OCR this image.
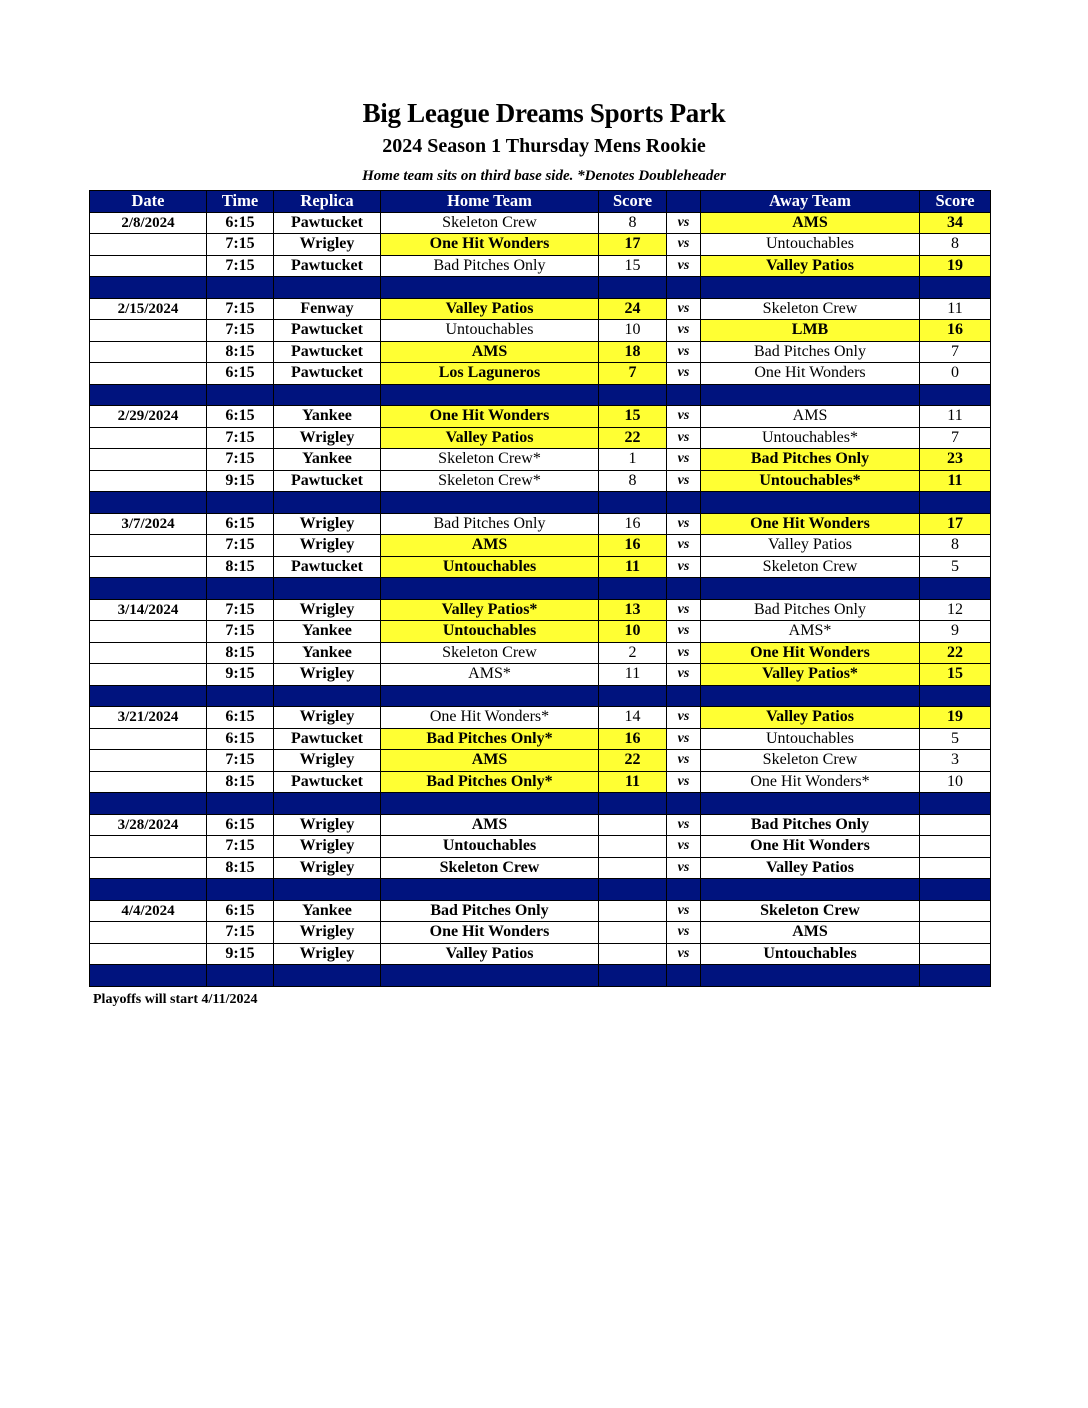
Big League Dreams Sports Park
2024 Season 1 Thursday Mens Rookie
Home team sits on third base side. *Denotes Doubleheader
Date	Time	Replica	Home Team	Score		Away Team	Score
2/8/2024	6:15	Pawtucket	Skeleton Crew	8	vs	AMS	34
	7:15	Wrigley	One Hit Wonders	17	vs	Untouchables	8
	7:15	Pawtucket	Bad Pitches Only	15	vs	Valley Patios	19

2/15/2024	7:15	Fenway	Valley Patios	24	vs	Skeleton Crew	11
	7:15	Pawtucket	Untouchables	10	vs	LMB	16
	8:15	Pawtucket	AMS	18	vs	Bad Pitches Only	7
	6:15	Pawtucket	Los Laguneros	7	vs	One Hit Wonders	0

2/29/2024	6:15	Yankee	One Hit Wonders	15	vs	AMS	11
	7:15	Wrigley	Valley Patios	22	vs	Untouchables*	7
	7:15	Yankee	Skeleton Crew*	1	vs	Bad Pitches Only	23
	9:15	Pawtucket	Skeleton Crew*	8	vs	Untouchables*	11

3/7/2024	6:15	Wrigley	Bad Pitches Only	16	vs	One Hit Wonders	17
	7:15	Wrigley	AMS	16	vs	Valley Patios	8
	8:15	Pawtucket	Untouchables	11	vs	Skeleton Crew	5

3/14/2024	7:15	Wrigley	Valley Patios*	13	vs	Bad Pitches Only	12
	7:15	Yankee	Untouchables	10	vs	AMS*	9
	8:15	Yankee	Skeleton Crew	2	vs	One Hit Wonders	22
	9:15	Wrigley	AMS*	11	vs	Valley Patios*	15

3/21/2024	6:15	Wrigley	One Hit Wonders*	14	vs	Valley Patios	19
	6:15	Pawtucket	Bad Pitches Only*	16	vs	Untouchables	5
	7:15	Wrigley	AMS	22	vs	Skeleton Crew	3
	8:15	Pawtucket	Bad Pitches Only*	11	vs	One Hit Wonders*	10

3/28/2024	6:15	Wrigley	AMS		vs	Bad Pitches Only	
	7:15	Wrigley	Untouchables		vs	One Hit Wonders	
	8:15	Wrigley	Skeleton Crew		vs	Valley Patios	

4/4/2024	6:15	Yankee	Bad Pitches Only		vs	Skeleton Crew	
	7:15	Wrigley	One Hit Wonders		vs	AMS	
	9:15	Wrigley	Valley Patios		vs	Untouchables	

Playoffs will start 4/11/2024
